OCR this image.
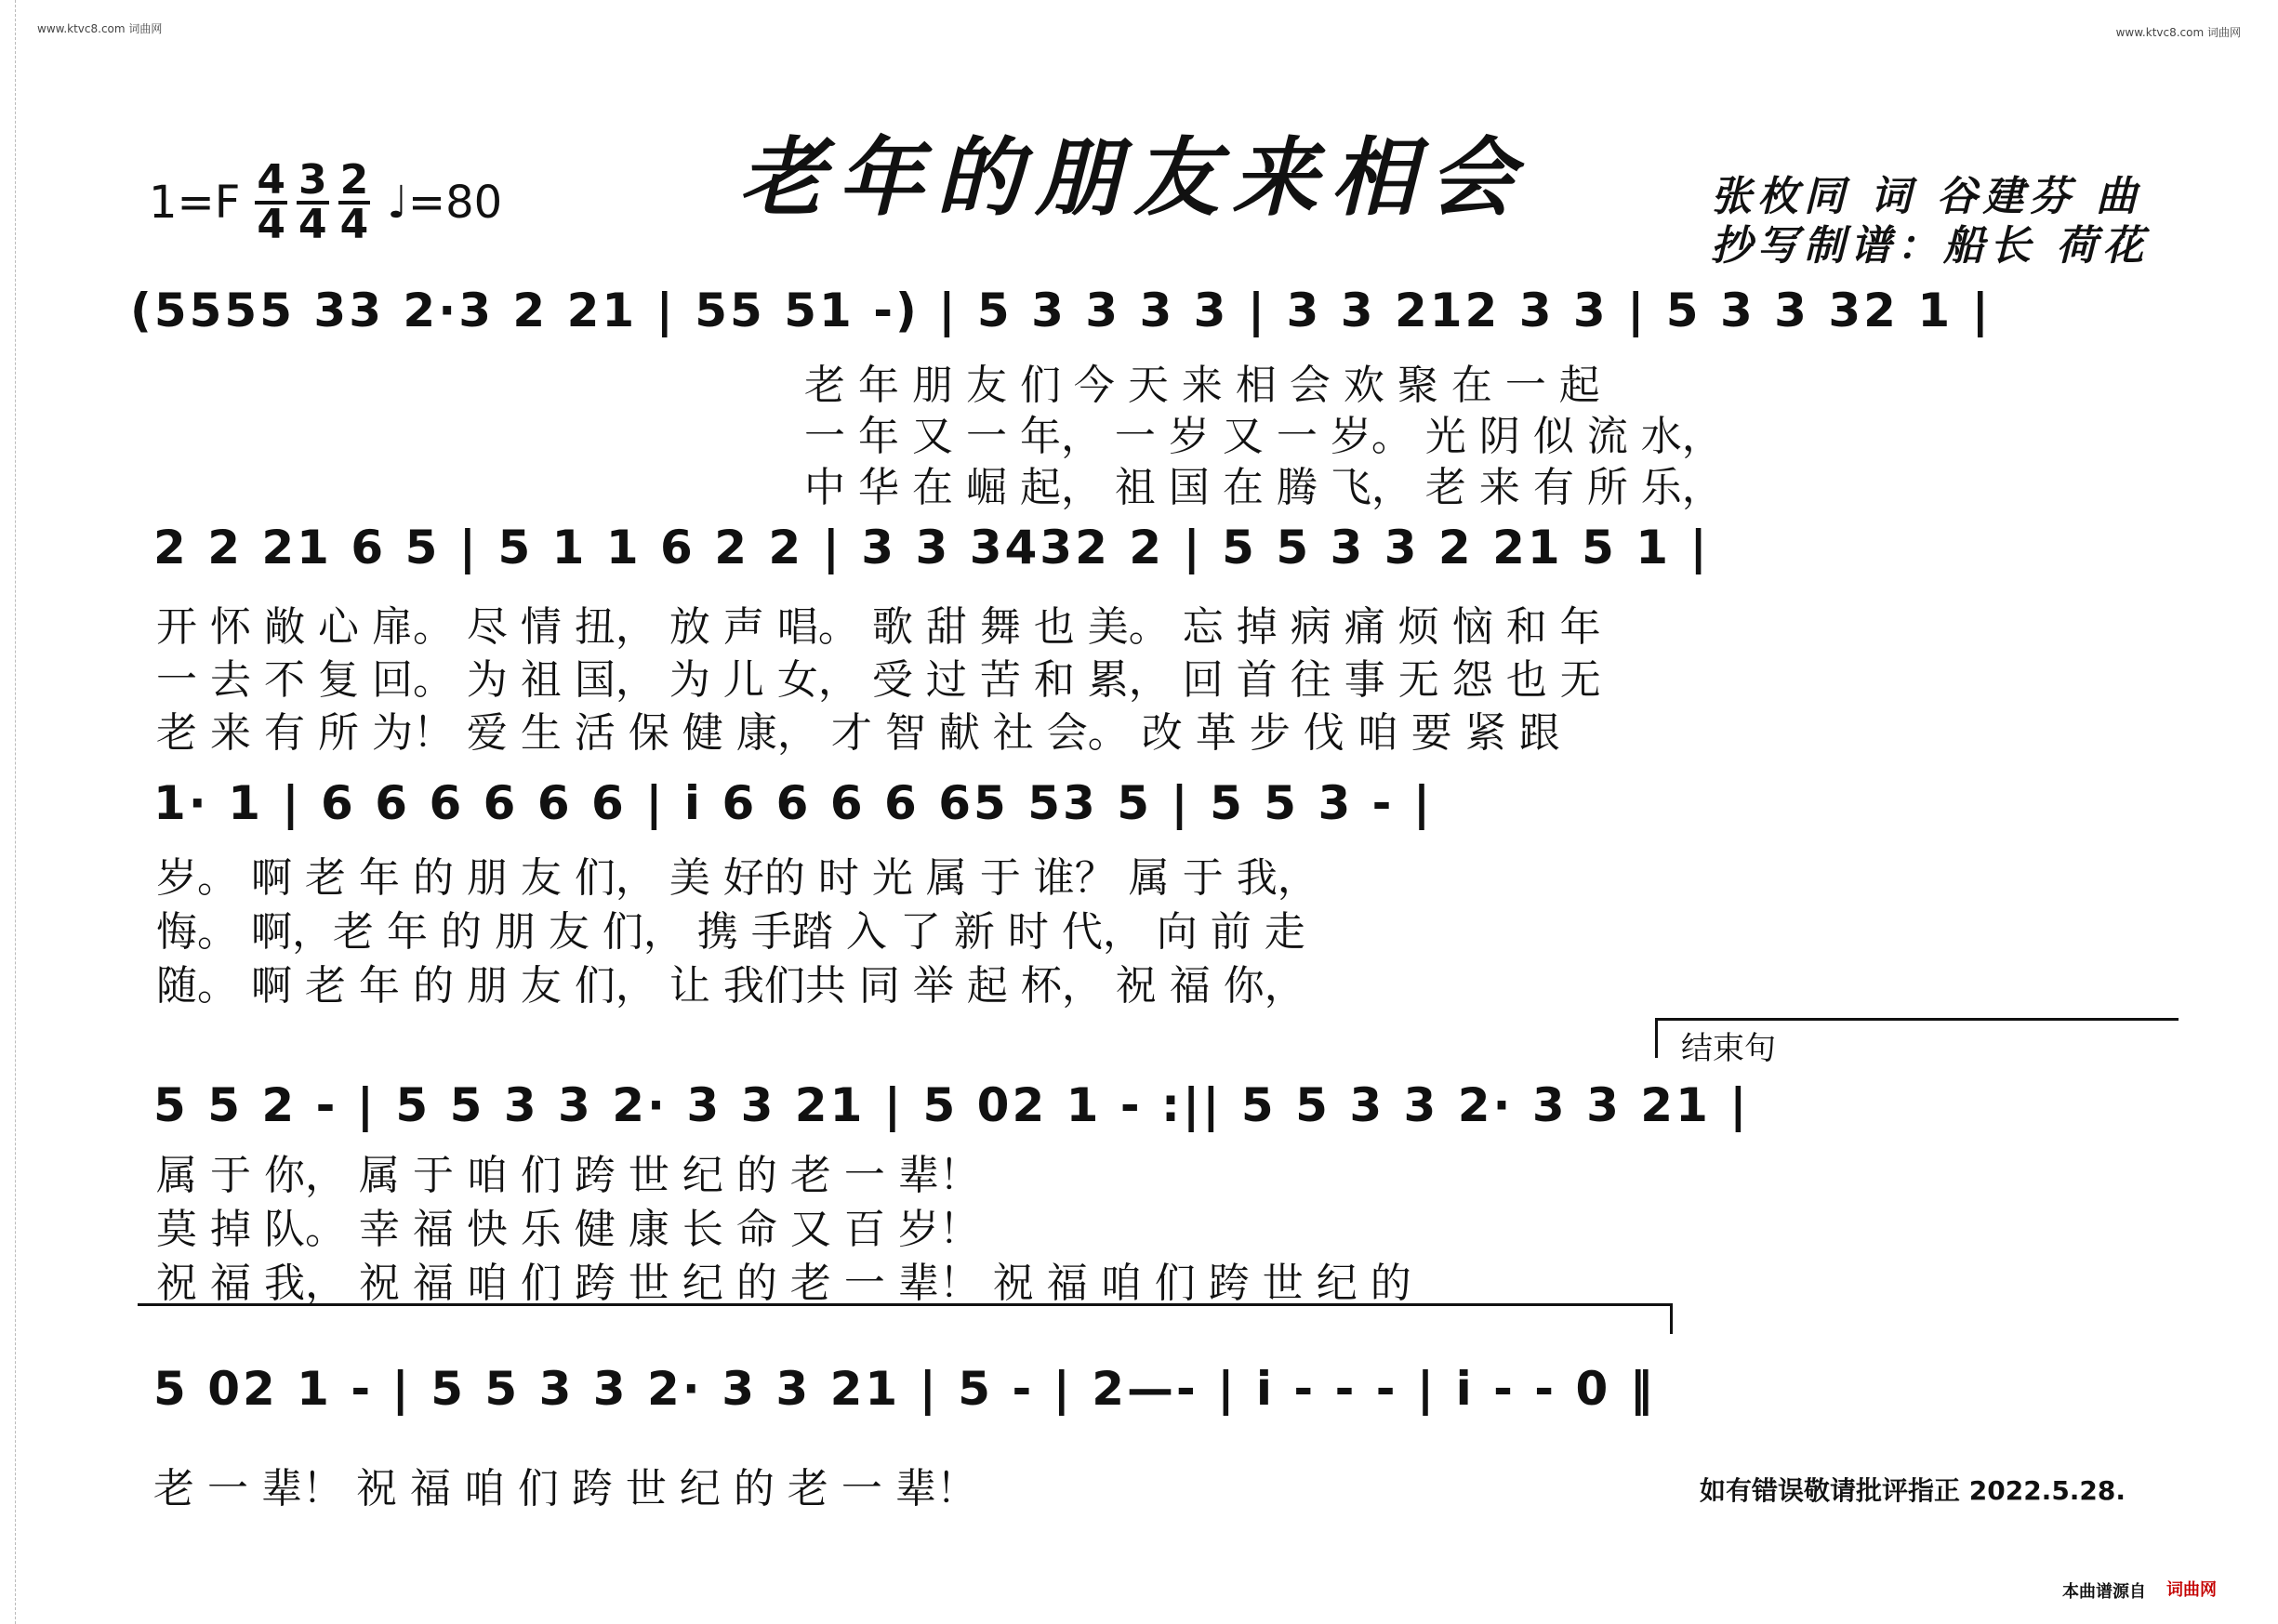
www.ktvc8.com 词曲网	www.ktvc8.com 词曲网
老年的朋友来相会
$1=F \frac{4}{4} \frac{3}{4} \frac{2}{4}$ ♩=80	张枚同 词 谷建芬 曲
抄写制谱：船长 荷花
(5555 33 2·3 2 21 | 55 51 -) | 5 3 3 3 3 | 3 3 212 3 3 | 5 3 3 32 1 |
老 年 朋 友 们 今 天 来 相 会 欢 聚 在 一 起
一 年 又 一 年， 一 岁 又 一 岁。 光 阴 似 流 水，
中 华 在 崛 起， 祖 国 在 腾 飞， 老 来 有 所 乐，
2 2 21 6 5 | 5 1 1 6 2 2 | 3 3 3432 2 | 5 5 3 3 2 21 5 1 |
开 怀 敞 心 扉。 尽 情 扭， 放 声 唱。 歌 甜 舞 也 美。 忘 掉 病 痛 烦 恼 和 年
一 去 不 复 回。 为 祖 国， 为 儿 女， 受 过 苦 和 累， 回 首 往 事 无 怨 也 无
老 来 有 所 为！ 爱 生 活 保 健 康， 才 智 献 社 会。 改 革 步 伐 咱 要 紧 跟
1· 1 | 6 6 6 6 6 6 | i 6 6 6 6 65 53 5 | 5 5 3 - |
岁。 啊 老 年 的 朋 友 们， 美 好的 时 光 属 于 谁？ 属 于 我，
悔。 啊，老 年 的 朋 友 们， 携 手踏 入 了 新 时 代， 向 前 走
随。 啊 老 年 的 朋 友 们， 让 我们共 同 举 起 杯， 祝 福 你，
结束句
5 5 2 - | 5 5 3 3 2· 3 3 21 | 5 02 1 - :|| 5 5 3 3 2· 3 3 21 |
属 于 你， 属 于 咱 们 跨 世 纪 的 老 一 辈！
莫 掉 队。 幸 福 快 乐 健 康 长 命 又 百 岁！
祝 福 我， 祝 福 咱 们 跨 世 纪 的 老 一 辈！ 祝 福 咱 们 跨 世 纪 的
5 02 1 - | 5 5 3 3 2· 3 3 21 | 5 - | 2—- | i - - - | i - - 0 ‖
老 一 辈！ 祝 福 咱 们 跨 世 纪 的 老 一 辈！	如有错误敬请批评指正 2022.5.28.
本曲谱源自 词曲网
